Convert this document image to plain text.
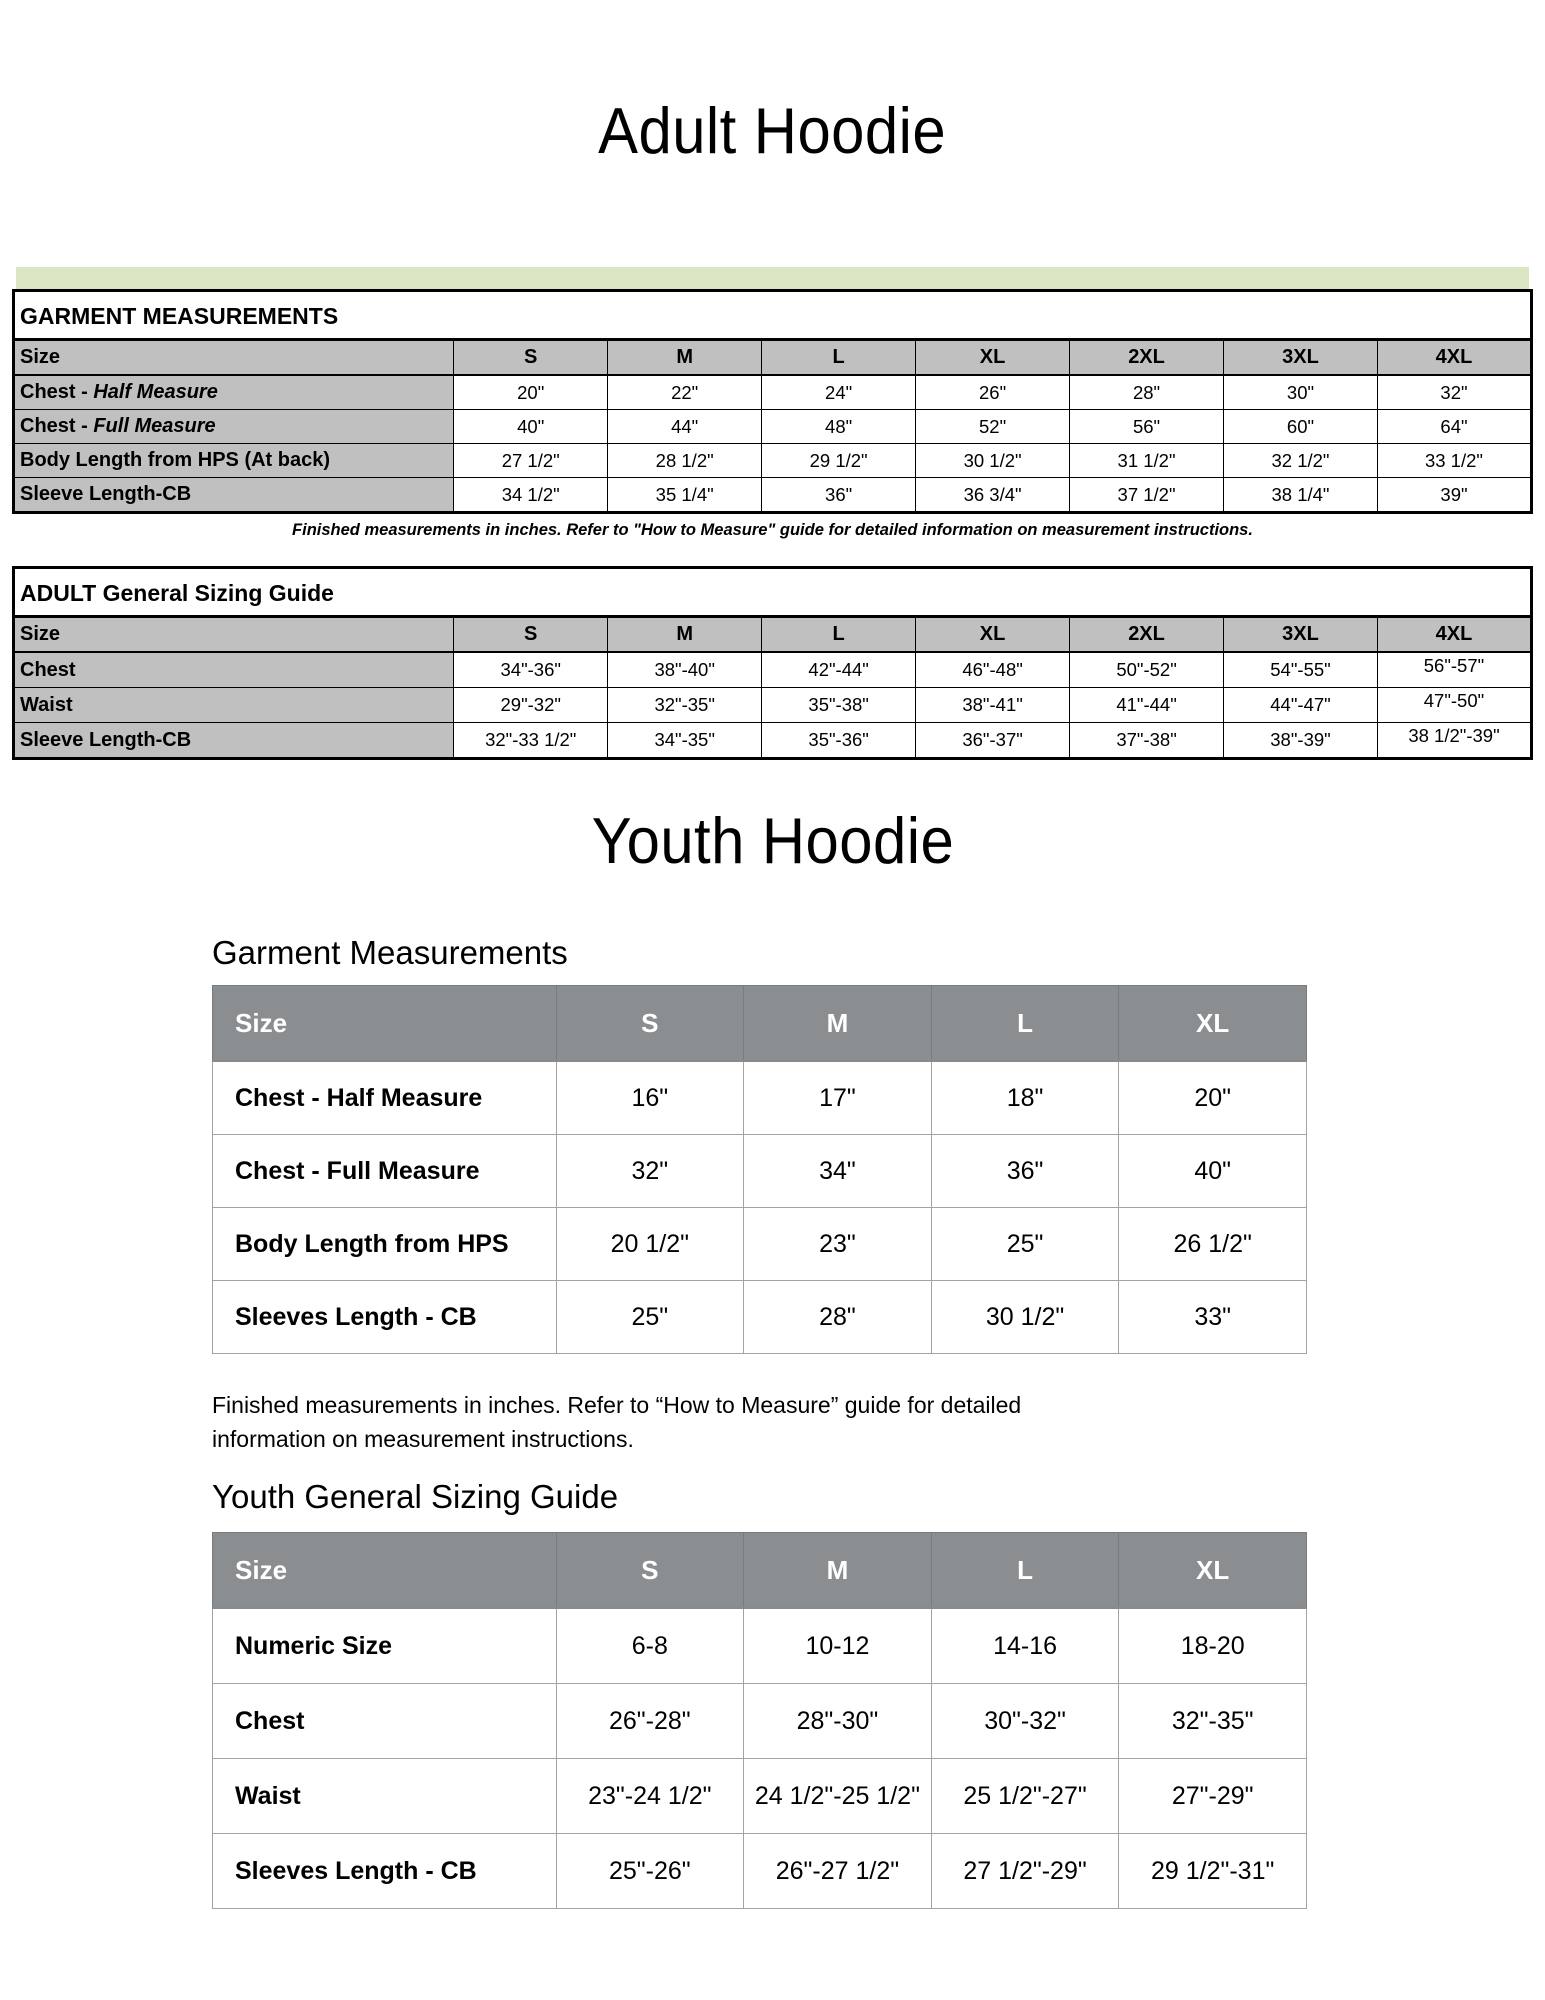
Adult Hoodie
GARMENT MEASUREMENTS							
Size	S	M	L	XL	2XL	3XL	4XL
Chest - Half Measure	20"	22"	24"	26"	28"	30"	32"
Chest - Full Measure	40"	44"	48"	52"	56"	60"	64"
Body Length from HPS (At back)	27 1/2"	28 1/2"	29 1/2"	30 1/2"	31 1/2"	32 1/2"	33 1/2"
Sleeve Length-CB	34 1/2"	35 1/4"	36"	36 3/4"	37 1/2"	38 1/4"	39"
Finished measurements in inches. Refer to "How to Measure" guide for detailed information on measurement instructions.
ADULT General Sizing Guide							
Size	S	M	L	XL	2XL	3XL	4XL
Chest	34"-36"	38"-40"	42"-44"	46"-48"	50"-52"	54"-55"	56"-57"
Waist	29"-32"	32"-35"	35"-38"	38"-41"	41"-44"	44"-47"	47"-50"
Sleeve Length-CB	32"-33 1/2"	34"-35"	35"-36"	36"-37"	37"-38"	38"-39"	38 1/2"-39"
Youth Hoodie
Garment Measurements
Size	S	M	L	XL
Chest - Half Measure	16"	17"	18"	20"
Chest - Full Measure	32"	34"	36"	40"
Body Length from HPS	20 1/2"	23"	25"	26 1/2"
Sleeves Length - CB	25"	28"	30 1/2"	33"
Finished measurements in inches. Refer to “How to Measure” guide for detailed information on measurement instructions.
Youth General Sizing Guide
Size	S	M	L	XL
Numeric Size	6-8	10-12	14-16	18-20
Chest	26"-28"	28"-30"	30"-32"	32"-35"
Waist	23"-24 1/2"	24 1/2"-25 1/2"	25 1/2"-27"	27"-29"
Sleeves Length - CB	25"-26"	26"-27 1/2"	27 1/2"-29"	29 1/2"-31"
